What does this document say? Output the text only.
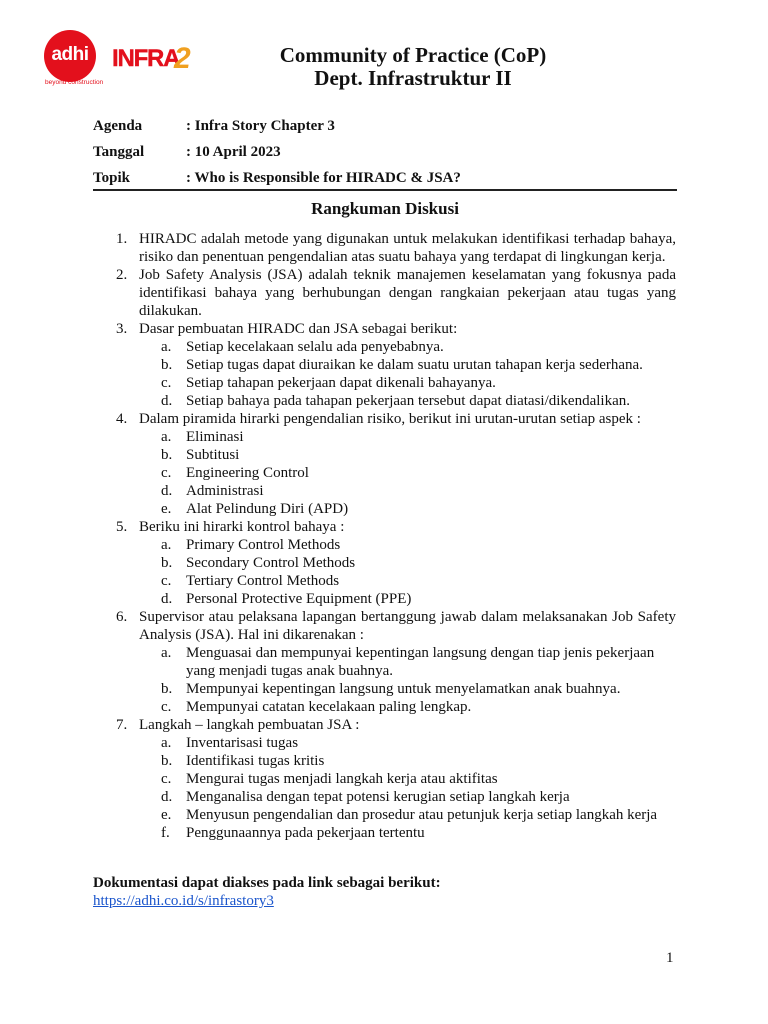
adhi
beyond construction
INFRA
2	Community of Practice (CoP)
Dept. Infrastruktur II
Agenda	: Infra Story Chapter 3
Tanggal	: 10 April 2023
Topik	: Who is Responsible for HIRADC & JSA?
Rangkuman Diskusi
1. HIRADC adalah metode yang digunakan untuk melakukan identifikasi terhadap bahaya, risiko dan penentuan pengendalian atas suatu bahaya yang terdapat di lingkungan kerja.
2. Job Safety Analysis (JSA) adalah teknik manajemen keselamatan yang fokusnya pada identifikasi bahaya yang berhubungan dengan rangkaian pekerjaan atau tugas yang dilakukan.
3. Dasar pembuatan HIRADC dan JSA sebagai berikut:
a. Setiap kecelakaan selalu ada penyebabnya.
b. Setiap tugas dapat diuraikan ke dalam suatu urutan tahapan kerja sederhana.
c. Setiap tahapan pekerjaan dapat dikenali bahayanya.
d. Setiap bahaya pada tahapan pekerjaan tersebut dapat diatasi/dikendalikan.
4. Dalam piramida hirarki pengendalian risiko, berikut ini urutan-urutan setiap aspek :
a. Eliminasi
b. Subtitusi
c. Engineering Control
d. Administrasi
e. Alat Pelindung Diri (APD)
5. Beriku ini hirarki kontrol bahaya :
a. Primary Control Methods
b. Secondary Control Methods
c. Tertiary Control Methods
d. Personal Protective Equipment (PPE)
6. Supervisor atau pelaksana lapangan bertanggung jawab dalam melaksanakan Job Safety Analysis (JSA). Hal ini dikarenakan :
a. Menguasai dan mempunyai kepentingan langsung dengan tiap jenis pekerjaan yang menjadi tugas anak buahnya.
b. Mempunyai kepentingan langsung untuk menyelamatkan anak buahnya.
c. Mempunyai catatan kecelakaan paling lengkap.
7. Langkah – langkah pembuatan JSA :
a. Inventarisasi tugas
b. Identifikasi tugas kritis
c. Mengurai tugas menjadi langkah kerja atau aktifitas
d. Menganalisa dengan tepat potensi kerugian setiap langkah kerja
e. Menyusun pengendalian dan prosedur atau petunjuk kerja setiap langkah kerja
f. Penggunaannya pada pekerjaan tertentu
Dokumentasi dapat diakses pada link sebagai berikut:
https://adhi.co.id/s/infrastory3
1
